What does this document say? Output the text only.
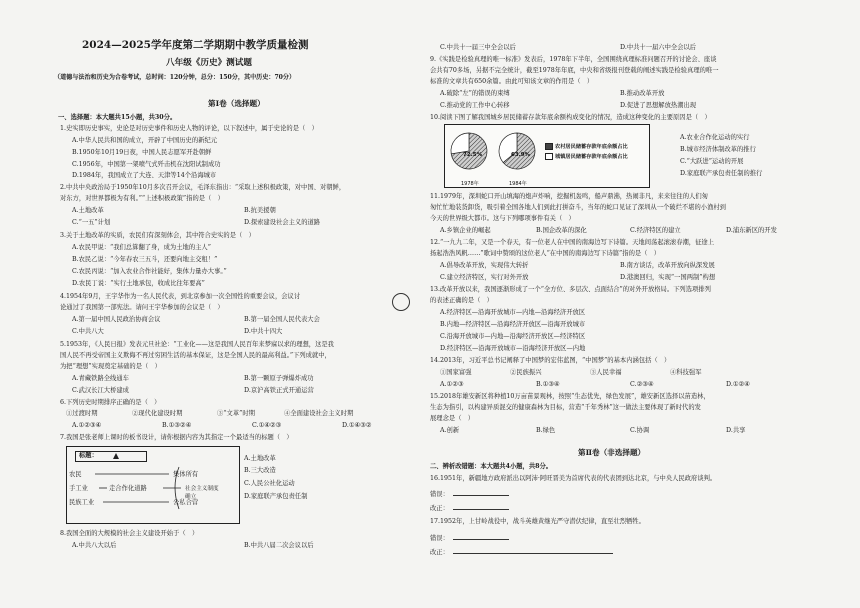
2024—2025学年度第二学期期中教学质量检测
八年级《历史》测试题
（道德与法治和历史为合卷考试，总时间：120分钟，总分：150分，其中历史：70分）
第Ⅰ卷（选择题）
一、选择题：本大题共15小题，共30分。
1.史实即历史事实，史论是对历史事件和历史人物的评论，以下叙述中，属于史论的是（　）
A.中华人民共和国的成立，开辟了中国历史的新纪元
B.1950年10月19日夜，中国人民志愿军开赴朝鲜
C.1956年，中国第一架喷气式歼击机在沈阳试制成功
D.1984年，我国成立了大连、天津等14个沿海城市
2.中共中央政治局于1950年10月多次召开会议，毛泽东指出：“采取上述积极政策，对中国、对朝鲜，
对东方，对世界都极为有利。”“上述积极政策”指的是（　）
A.土地改革	B.抗美援朝
C.“一五”计划	D.探索建设社会主义的道路
3.关于土地改革的实质，农民们有深刻体会，其中符合史实的是（　）
A.农民甲说：“我们总算翻了身，成为土地的主人”
B.农民乙说：“今年春农三五斗，还要向地主交租！”
C.农民丙说：“加入农业合作社能好，集体力量办大事。”
D.农民丁说：“实行土地承包，收成比往年要高”
4.1954年9月，王宇华作为一名人民代表，到北京参加一次全国性的重要会议，会议讨
论通过了我国第一部宪法。请问王宇华参加的会议是（　）
A.第一届中国人民政治协商会议	B.第一届全国人民代表大会
C.中共八大	D.中共十四大
5.1953年，《人民日报》发表元旦社论：“工业化——这是我国人民百年来梦寐以求的理想，这是我
国人民不再受帝国主义欺侮不再过穷困生活的基本保证，这是全国人民的最高利益。”下列成就中，
为把“理想”实现奠定基础的是（　）
A.青藏铁路全线通车	B.第一颗原子弹爆炸成功
C.武汉长江大桥建成	D.京沪高铁正式开通运营
6.下列历史时期排序正确的是（　）
①过渡时期	②现代化建设时期	③“文革”时期	④全面建设社会主义时期
A.①②③④	B.①③②④	C.①④②③	D.①④③②
7.我国是张老师上课时的板书设计，请你根据内容为其指定一个最适当的标题（　）
标题：
农民
手工业
民族工业
集体所有
走合作化道路
公私合营
社会主义制度
确立
A.土地改革
B.三大改造
C.人民公社化运动
D.家庭联产承包责任制
8.我国全面的大规模的社会主义建设开始于（　）
A.中共八大以后	B.中共八届二次会议以后
C.中共十一届三中全会以后	D.中共十一届六中全会以后
9.《实践是检验真理的唯一标准》发表后，1978年下半年，全国围绕真理标准问题召开的讨论会、座谈
会共有70多场，另据不完全统计，截至1978年年底，中央和省级报刊登载的阐述实践是检验真理的唯一
标准的文章共有650余篇。由此可知该文章的作用是（　）
A.破除“左”的错误的束缚	B.推动改革开放
C.推动党的工作中心转移	D.促进了思想解放热潮出现
10.阅读下图了解我国城乡居民储蓄存款年底余额构成变化的情况，造成这种变化的主要原因是（　）
72.5%
1978年
63.9%
1984年
农村居民储蓄存款年底余额占比
城镇居民储蓄存款年底余额占比
A.农业合作化运动的实行
B.城市经济体制改革的推行
C.“大跃进”运动的开展
D.家庭联产承包责任制的推行
11.1979年，深圳蛇口开山填海的炮声炸响，挖掘机轰鸣，船声鼎沸，热闹非凡，来来往往的人们匆
匆忙忙地装货卸货，吸引着全国各地人们到此打拼奋斗，当年的蛇口见证了深圳从一个破烂不堪的小渔村到
今天的世界级大都市。这与下列哪项事件有关（　）
A.乡镇企业的崛起	B.国企改革的深化	C.经济特区的建立	D.浦东新区的开发
12.“一九九二年，又是一个春天，有一位老人在中国的南海边写下诗篇。天地间荡起滚滚春潮，征途上
扬起浩浩风帆……”歌词中赞颂的这位老人“在中国的南海边写下诗篇”指的是（　）
A.倡导改革开放，实现伟大转折	B.南方谈话，改革开放向纵深发展
C.建立经济特区，实行对外开放	D.港澳回归，实现“一国两制”构想
13.改革开放以来，我国逐渐形成了一个“全方位、多层次、点面结合”的对外开放格局。下列选项排列
的表述正确的是（　）
A.经济特区—沿海开放城市—内地—沿海经济开放区
B.内地—经济特区—沿海经济开放区—沿海开放城市
C.沿海开放城市—内地—沿海经济开放区—经济特区
D.经济特区—沿海开放城市—沿海经济开放区—内地
14.2013年，习近平总书记阐释了中国梦的宏伟蓝图，“中国梦”的基本内涵包括（　）
①国家富强	②民族振兴	③人民幸福	④科技强军
A.①②③	B.①③④	C.②③④	D.①②④
15.2018年雄安新区将种植10万亩苗景观林，按照“生态优先，绿色发展”，雄安新区选择以苗造林，
生态为指引，以构建异质混交的健康森林为目标，营造“千年秀林”这一做法主要体现了新时代的发
展理念是（　）
A.创新	B.绿色	C.协调	D.共享
第Ⅱ卷（非选择题）
二、辨析改错题：本大题共4小题，共8分。
16.1951年，新疆地方政府派出以阿沛·阿旺晋美为首席代表的代表团到达北京，与中央人民政府谈判。
错误：
改正：
17.1952年，上甘岭战役中，战斗英雄黄继光严守潜伏纪律，直至壮烈牺牲。
错误：
改正：
